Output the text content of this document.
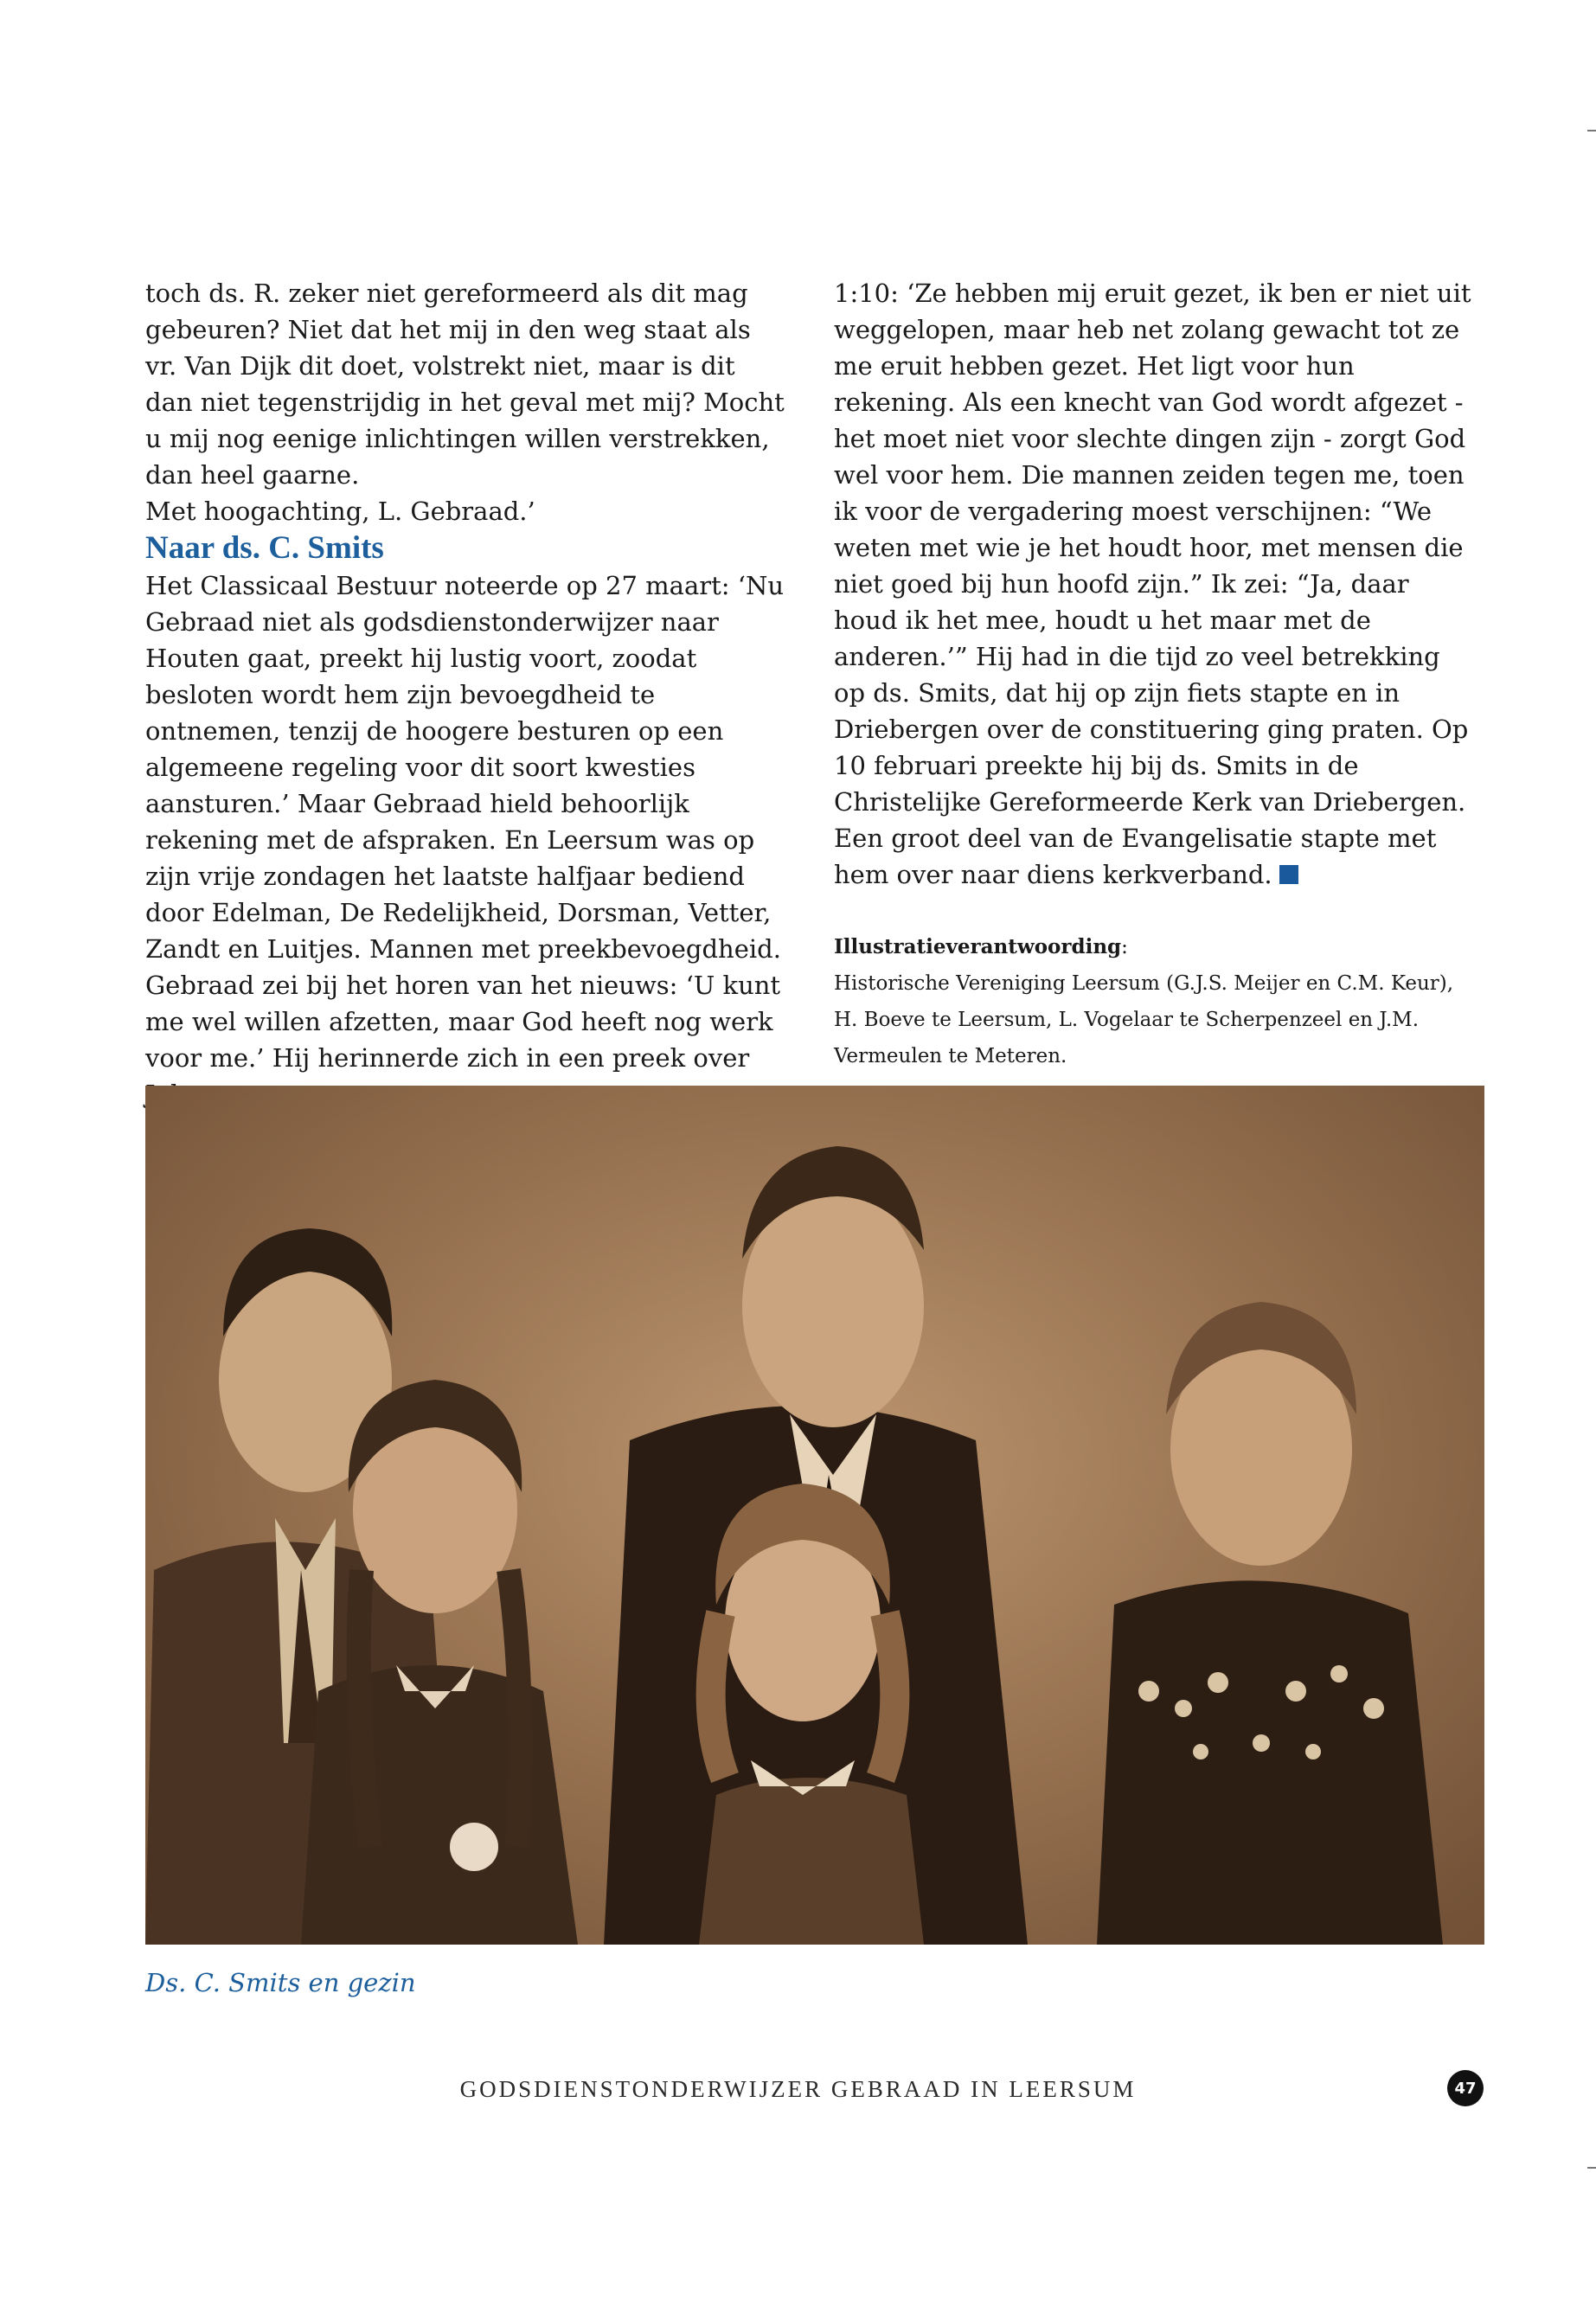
toch ds. R. zeker niet gereformeerd als dit mag gebeuren? Niet dat het mij in den weg staat als vr. Van Dijk dit doet, volstrekt niet, maar is dit dan niet tegenstrijdig in het geval met mij? Mocht u mij nog eenige inlichtingen willen verstrekken, dan heel gaarne.
Met hoogachting, L. Gebraad.’

Naar ds. C. Smits

Het Classicaal Bestuur noteerde op 27 maart: ‘Nu Gebraad niet als godsdienstonderwijzer naar Houten gaat, preekt hij lustig voort, zoodat besloten wordt hem zijn bevoegdheid te ontnemen, tenzij de hoogere besturen op een algemeene regeling voor dit soort kwesties aansturen.’ Maar Gebraad hield behoorlijk rekening met de afspraken. En Leersum was op zijn vrije zondagen het laatste halfjaar bediend door Edelman, De Redelijkheid, Dorsman, Vetter, Zandt en Luitjes. Mannen met preekbevoegdheid.
Gebraad zei bij het horen van het nieuws: ‘U kunt me wel willen afzetten, maar God heeft nog werk voor me.’ Hij herinnerde zich in een preek over

1:10: ‘Ze hebben mij eruit gezet, ik ben er niet uit weggelopen, maar heb net zolang gewacht tot ze me eruit hebben gezet. Het ligt voor hun rekening. Als een knecht van God wordt afgezet - het moet niet voor slechte dingen zijn - zorgt God wel voor hem. Die mannen zeiden tegen me, toen ik voor de vergadering moest verschijnen: “We weten met wie je het houdt hoor, met mensen die niet goed bij hun hoofd zijn.” Ik zei: “Ja, daar houd ik het mee, houdt u het maar met de anderen.’” Hij had in die tijd zo veel betrekking op ds. Smits, dat hij op zijn fiets stapte en in Driebergen over de constituering ging praten. Op 10 februari preekte hij bij ds. Smits in de Christelijke Gereformeerde Kerk van Driebergen. Een groot deel van de Evangelisatie stapte met hem over naar diens kerkverband.

Illustratieverantwoording:
Historische Vereniging Leersum (G.J.S. Meijer en C.M. Keur), H. Boeve te Leersum, L. Vogelaar te Scherpenzeel en J.M. Vermeulen te Meteren.

Ds. C. Smits en gezin
GODSDIENSTONDERWIJZER GEBRAAD IN LEERSUM	47
